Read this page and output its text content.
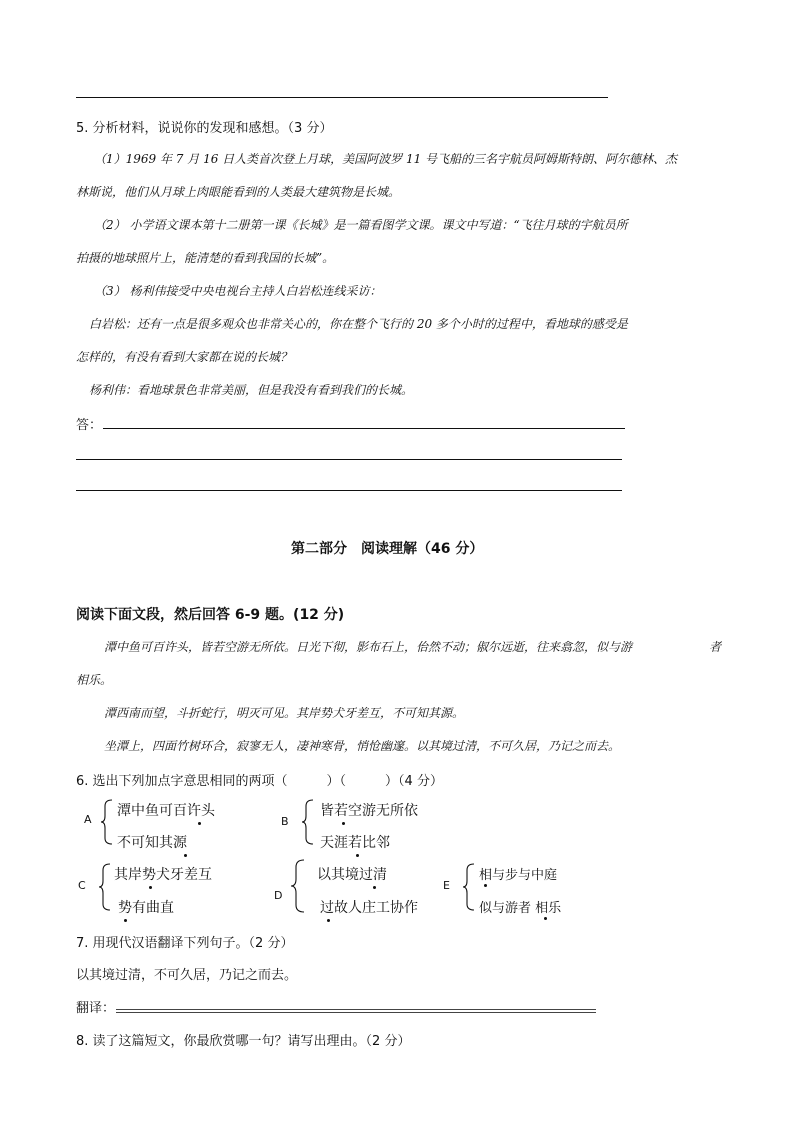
5. 分析材料，说说你的发现和感想。（3 分）
（1）1969 年 7 月 16 日人类首次登上月球，美国阿波罗 11 号飞船的三名宇航员阿姆斯特朗、阿尔德林、杰
林斯说，他们从月球上肉眼能看到的人类最大建筑物是长城。
（2） 小学语文课本第十二册第一课《长城》是一篇看图学文课。课文中写道：“飞往月球的宇航员所
拍摄的地球照片上，能清楚的看到我国的长城”。
（3） 杨利伟接受中央电视台主持人白岩松连线采访：
白岩松：还有一点是很多观众也非常关心的，你在整个飞行的 20 多个小时的过程中，看地球的感受是
怎样的，有没有看到大家都在说的长城？
杨利伟：看地球景色非常美丽，但是我没有看到我们的长城。
答：
第二部分　阅读理解（46 分）
阅读下面文段，然后回答 6-9 题。(12 分)
潭中鱼可百许头，皆若空游无所依。日光下彻，影布石上，佁然不动；俶尔远逝，往来翕忽，似与游	者
相乐。
潭西南而望，斗折蛇行，明灭可见。其岸势犬牙差互，不可知其源。
坐潭上，四面竹树环合，寂寥无人，凄神寒骨，悄怆幽邃。以其境过清，不可久居，乃记之而去。
6. 选出下列加点字意思相同的两项（　　　）（　　　）（4 分）
A
潭中鱼可百许头
不可知其源
B
皆若空游无所依
天涯若比邻
C
其岸势犬牙差互
势有曲直
D
以其境过清
过故人庄工协作
E
相与步与中庭
似与游者 相乐
7. 用现代汉语翻译下列句子。（2 分）
以其境过清，不可久居，乃记之而去。
翻译：
8. 读了这篇短文，你最欣赏哪一句？请写出理由。（2 分）
